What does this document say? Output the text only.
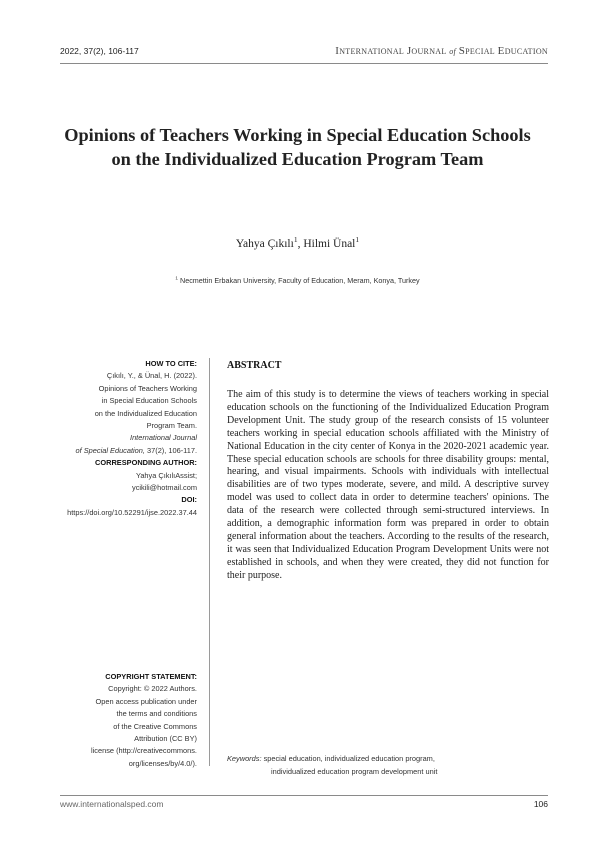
2022, 37(2), 106-117	INTERNATIONAL JOURNAL of SPECIAL EDUCATION
Opinions of Teachers Working in Special Education Schools
on the Individualized Education Program Team
Yahya Çıkılı$^1$, Hilmi Ünal$^1$
$^1$ Necmettin Erbakan University, Faculty of Education, Meram, Konya, Turkey
HOW TO CITE:
Çıkılı, Y., & Ünal, H. (2022).
Opinions of Teachers Working
in Special Education Schools
on the Individualized Education
Program Team.
International Journal
of Special Education, 37(2), 106-117.
CORRESPONDING AUTHOR:
Yahya ÇıkılıAssist;
ycikili@hotmail.com
DOI:
https://doi.org/10.52291/ijse.2022.37.44
COPYRIGHT STATEMENT:
Copyright: © 2022 Authors.
Open access publication under
the terms and conditions
of the Creative Commons
Attribution (CC BY)
license (http://creativecommons.
org/licenses/by/4.0/).
ABSTRACT
The aim of this study is to determine the views of teachers working in special education schools on the functioning of the Individualized Education Program Development Unit. The study group of the research consists of 15 volunteer teachers working in special education schools affiliated with the Ministry of National Education in the city center of Konya in the 2020-2021 academic year. These special education schools are schools for three disability groups: mental, hearing, and visual impairments. Schools with individuals with intellectual disabilities are of two types moderate, severe, and mild. A descriptive survey model was used to collect data in order to determine teachers' opinions. The data of the research were collected through semi-structured interviews. In addition, a demographic information form was prepared in order to obtain general information about the teachers. According to the results of the research, it was seen that Individualized Education Program Development Units were not established in schools, and when they were created, they did not function for their purpose.
Keywords: special education, individualized education program,
individualized education program development unit
www.internationalsped.com	106
